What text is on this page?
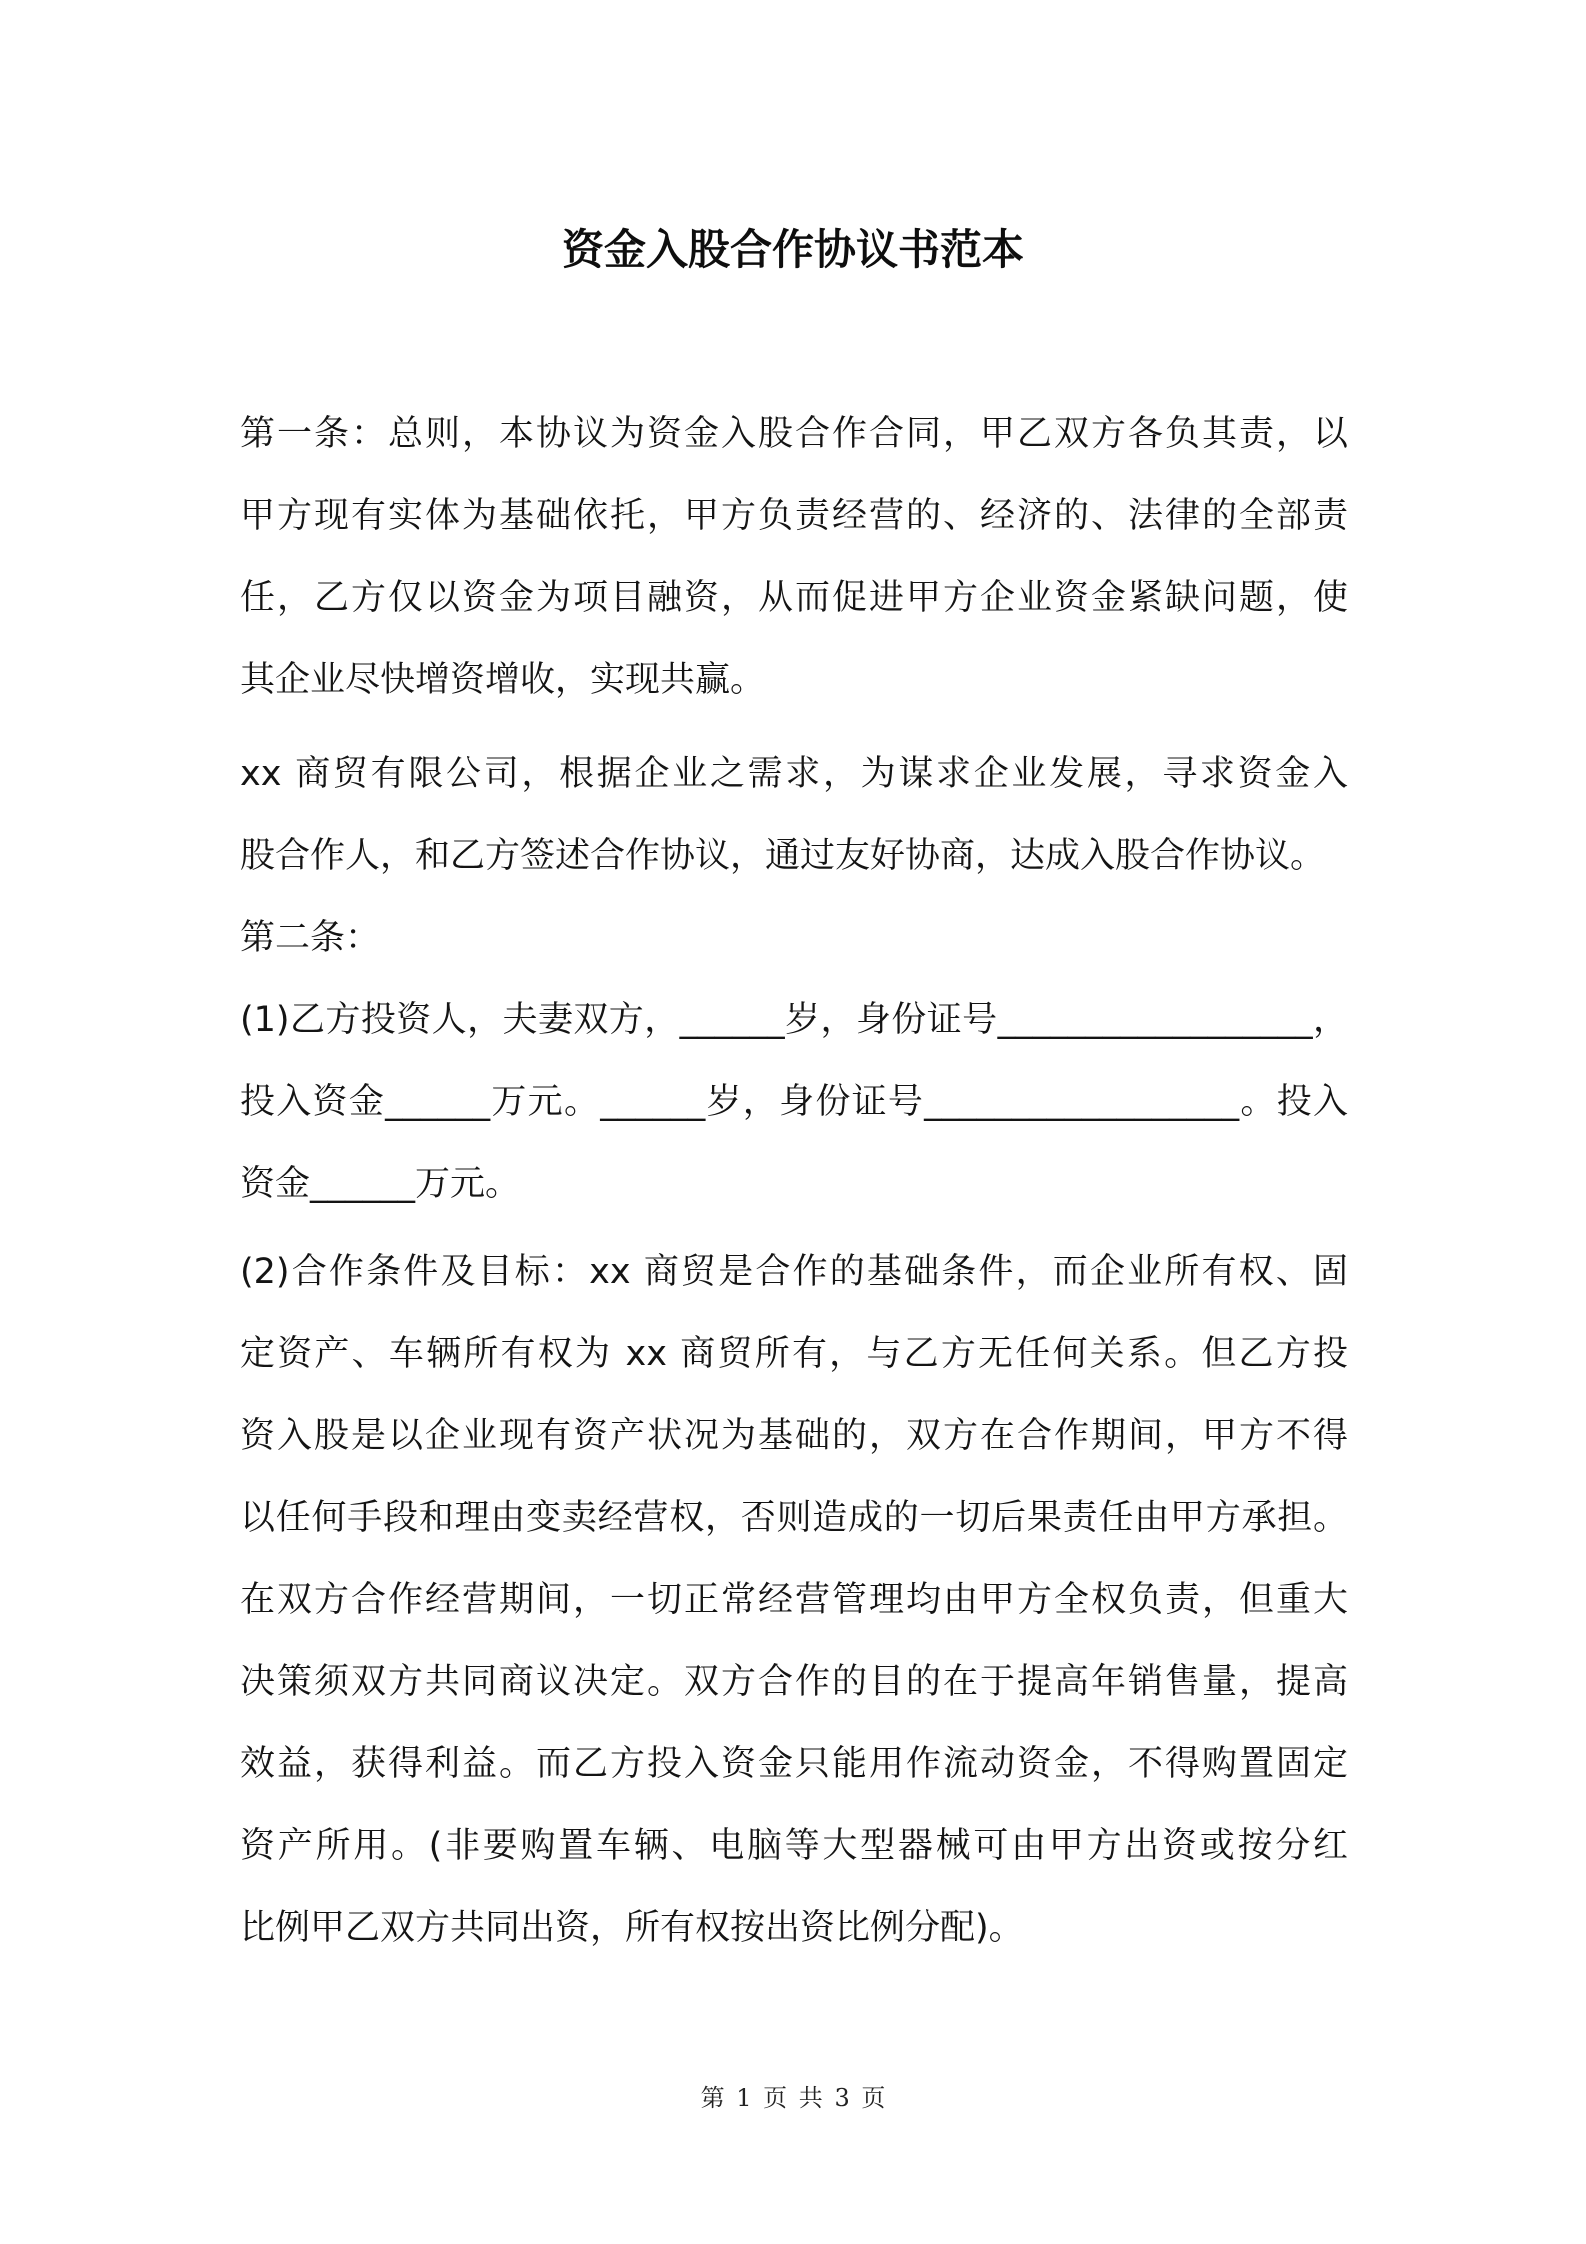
资金入股合作协议书范本
第一条：总则，本协议为资金入股合作合同，甲乙双方各负其责，以
甲方现有实体为基础依托，甲方负责经营的、经济的、法律的全部责
任，乙方仅以资金为项目融资，从而促进甲方企业资金紧缺问题，使
其企业尽快增资增收，实现共赢。
xx 商贸有限公司，根据企业之需求，为谋求企业发展，寻求资金入
股合作人，和乙方签述合作协议，通过友好协商，达成入股合作协议。
第二条：
(1)乙方投资人，夫妻双方，______岁，身份证号__________________，
投入资金______万元。______岁，身份证号__________________。投入
资金______万元。
(2)合作条件及目标：xx 商贸是合作的基础条件，而企业所有权、固
定资产、车辆所有权为 xx 商贸所有，与乙方无任何关系。但乙方投
资入股是以企业现有资产状况为基础的，双方在合作期间，甲方不得
以任何手段和理由变卖经营权，否则造成的一切后果责任由甲方承担。
在双方合作经营期间，一切正常经营管理均由甲方全权负责，但重大
决策须双方共同商议决定。双方合作的目的在于提高年销售量，提高
效益，获得利益。而乙方投入资金只能用作流动资金，不得购置固定
资产所用。(非要购置车辆、电脑等大型器械可由甲方出资或按分红
比例甲乙双方共同出资，所有权按出资比例分配)。
第 1 页 共 3 页
